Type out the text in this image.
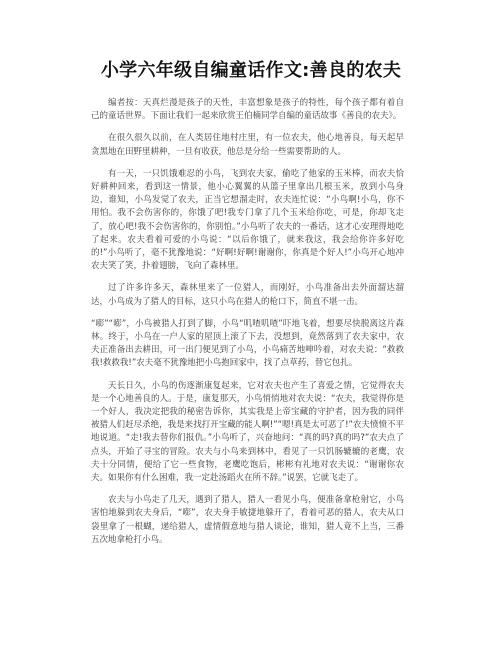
小学六年级自编童话作文:善良的农夫

编者按：天真烂漫是孩子的天性，丰富想象是孩子的特性，每个孩子都有着自己的童话世界。下面让我们一起来欣赏王伯楠同学自编的童话故事《善良的农夫》。

在很久很久以前，在人类居住地村庄里，有一位农夫，他心地善良，每天起早贪黑地在田野里耕种，一旦有收获，他总是分给一些需要帮助的人。

有一天，一只饥饿难忍的小鸟，飞到农夫家，偷吃了他家的玉米棒，而农夫恰好耕种回来，看到这一情景，他小心翼翼的从篮子里拿出几根玉米，放到小鸟身边，谁知，小鸟发觉了农夫，正当它想溜走时，农夫连忙说：“小鸟啊!小鸟，你不用怕。我不会伤害你的，你饿了吧!我专门拿了几个玉米给你吃，可是，你却飞走了，放心吧!我不会伤害你的，你别怕。”小鸟听了农夫的一番话，这才心安理得地吃了起来。农夫看着可爱的小鸟说：“以后你饿了，就来我这，我会给你许多好吃的!”小鸟听了，毫不犹豫地说：“好啊!好啊!谢谢你，你真是个好人!”小鸟开心地冲农夫笑了笑，扑着翅膀，飞向了森林里。

过了许多许多天，森林里来了一位猎人，而刚好，小鸟准备出去外面溜达溜达，小鸟成为了猎人的目标，这只小鸟在猎人的枪口下，简直不堪一击。

“嘭”“嘭”，小鸟被猎人打到了脚，小鸟“叽喳叽喳”吓地飞着，想要尽快脱离这片森林。终于，小鸟在一户人家的屋顶上滚了下去，没想到，竟然落到了农夫家中，农夫正准备出去耕田，可一出门便见到了小鸟，小鸟痛苦地呻吟着，对农夫说：“救救我!救救我!”农夫毫不犹豫地把小鸟抱回家中，找了点草药，替它包扎。

天长日久，小鸟的伤逐渐康复起来，它对农夫也产生了喜爱之情，它觉得农夫是一个心地善良的人。于是，康复那天，小鸟悄悄地对农夫说：“农夫，我觉得你是一个好人，我决定把我的秘密告诉你，其实我是上帝宝藏的守护者，因为我的同伴被猎人们赶尽杀绝，我是来找打开宝藏的能人啊!”“嗯!真是太可恶了!”农夫愤愤不平地说道。“走!我去替你们报仇。”小鸟听了，兴奋地问：“真的吗?真的吗?”农夫点了点头，开始了寻宝的冒险。农夫与小鸟来到林中，看见了一只饥肠辘辘的老鹰，农夫十分同情，便给了它一些食物，老鹰吃饱后，彬彬有礼地对农夫说：“谢谢你农夫。如果你有什么困难，我一定赴汤蹈火在所不辞。”说罢，它就飞走了。

农夫与小鸟走了几天，遇到了猎人，猎人一看见小鸟，便准备拿枪射它，小鸟害怕地躲到农夫身后，“嘭”，农夫身手敏捷地躲开了，看着可恶的猎人，农夫从口袋里拿了一根蝴，递给猎人，虚情假意地与猎人谈论，谁知，猎人竟不上当，三番五次地拿枪打小鸟。
